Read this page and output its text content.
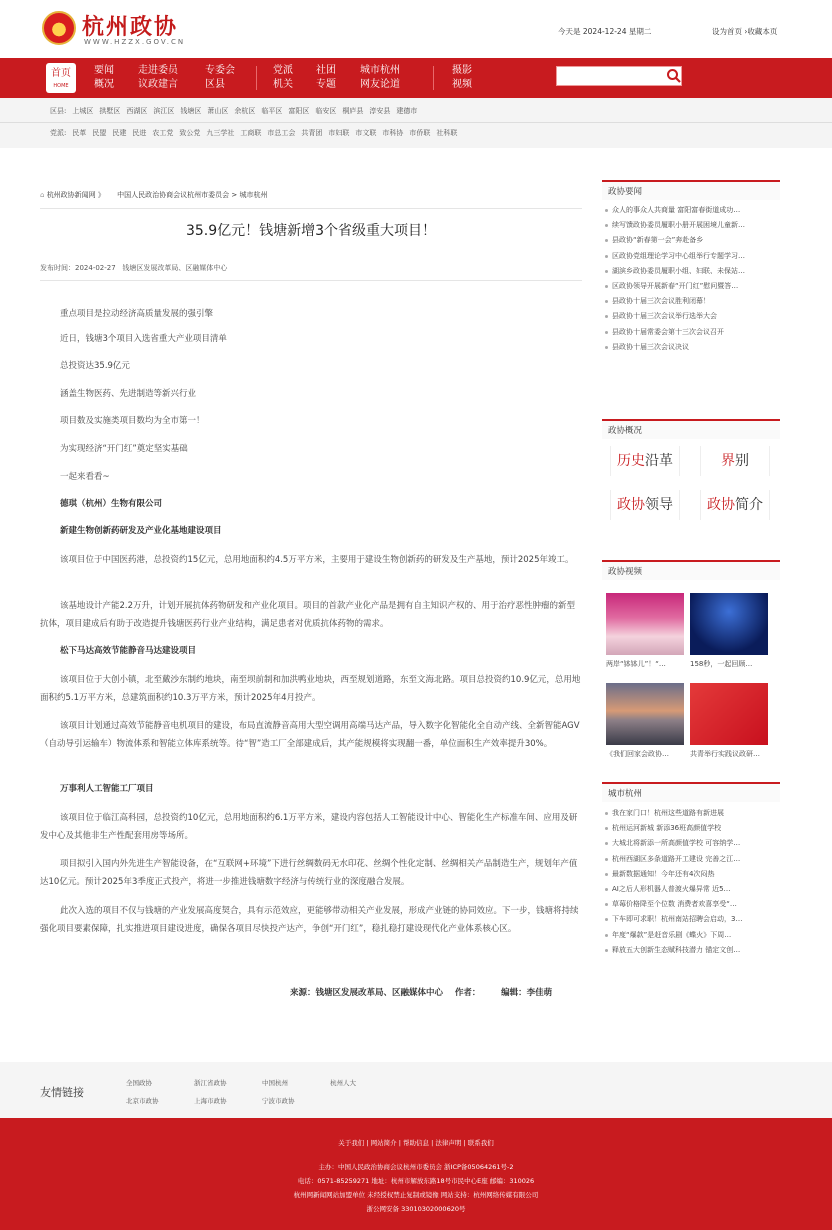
杭州政协
WWW.HZZX.GOV.CN
今天是 2024-12-24 星期二	设为首页 ›收藏本页
首页
HOME
要闻
概况
走进委员
议政建言
专委会
区县
党派
机关
社团
专题
城市杭州
网友论道
摄影
视频
区县: 上城区 拱墅区 西湖区 滨江区 钱塘区 萧山区 余杭区 临平区 富阳区 临安区 桐庐县 淳安县 建德市
党派: 民革 民盟 民建 民进 农工党 致公党 九三学社 工商联 市总工会 共青团 市妇联 市文联 市科协 市侨联 社科联
⌂ 杭州政协新闻网 》 中国人民政治协商会议杭州市委员会 > 城市杭州
35.9亿元！钱塘新增3个省级重大项目！
发布时间：2024-02-27 钱塘区发展改革局、区融媒体中心
重点项目是拉动经济高质量发展的强引擎
近日，钱塘3个项目入选省重大产业项目清单
总投资达35.9亿元
涵盖生物医药、先进制造等新兴行业
项目数及实施类项目数均为全市第一！
为实现经济“开门红”奠定坚实基础
一起来看看~
德琪（杭州）生物有限公司
新建生物创新药研发及产业化基地建设项目
该项目位于中国医药港，总投资约15亿元，总用地面积约4.5万平方米，主要用于建设生物创新药的研发及生产基地，预计2025年竣工。
该基地设计产能2.2万升，计划开展抗体药物研发和产业化项目。项目的首款产业化产品是拥有自主知识产权的、用于治疗恶性肿瘤的新型抗体，项目建成后有助于改造提升钱塘医药行业产业结构，满足患者对优质抗体药物的需求。
松下马达高效节能静音马达建设项目
该项目位于大创小镇，北至戴沙东制约地块，南至坝前制和加洪鸭业地块，西至规划道路，东至文海北路。项目总投资约10.9亿元，总用地面积约5.1万平方米，总建筑面积约10.3万平方米，预计2025年4月投产。
该项目计划通过高效节能静音电机项目的建设，布局直流静音高用大型空调用高端马达产品，导入数字化智能化全自动产线、全新智能AGV（自动导引运输车）物流体系和智能立体库系统等。待“智”造工厂全部建成后，其产能规模将实现翻一番，单位面积生产效率提升30%。
万事利人工智能工厂项目
该项目位于临江高科园，总投资约10亿元，总用地面积约6.1万平方米，建设内容包括人工智能设计中心、智能化生产标准车间、应用及研发中心及其他非生产性配套用房等场所。
项目拟引入国内外先进生产智能设备，在“互联网+环境”下进行丝绸数码无水印花、丝绸个性化定制、丝绸相关产品制造生产，规划年产值达10亿元。预计2025年3季度正式投产，将进一步推进钱塘数字经济与传统行业的深度融合发展。
此次入选的项目不仅与钱塘的产业发展高度契合，具有示范效应，更能够带动相关产业发展，形成产业链的协同效应。下一步，钱塘将持续强化项目要素保障，扎实推进项目建设进度，确保各项目尽快投产达产，争创“开门红”，稳扎稳打建设现代化产业体系核心区。
来源：钱塘区发展改革局、区融媒体中心 作者： 编辑：李佳萌
政协要闻
众人的事众人共商量 富阳富春街道成功…
续写馈政协委员履职小册开展困境儿童新…
县政协“新春第一会”奔赴备乡
区政协党组理论学习中心组举行专题学习…
湖滨乡政协委员履职小组、妇联、未保站…
区政协领导开展新春“开门红”慰问暨答…
县政协十届三次会议胜利闭幕！
县政协十届三次会议举行选举大会
县政协十届常委会第十三次会议召开
县政协十届三次会议决议
政协概况
历史沿革	界别
政协领导	政协简介
政协视频
两岸“钵钵儿”！“…	158秒，一起回顾…
《我们回家会政协…	共青举行实践议政研…
城市杭州
我在家门口！杭州这些道路有新进展
杭州运河新城 新添36班高颜值学校
大城北将新添一所高颜值学校 可容纳学…
杭州西湖区多条道路开工建设 完善之江…
最新数据通知！今年还有4次闷热
AI之后人形机器人普渡火爆异常 近5…
草莓价格降至个位数 消费者欢喜享受“…
下车即可求职！杭州南站招聘会启动，3…
年度“爆款”是赶音乐剧《蝶火》下周…
释放五大创新生态赋科技潜力 锚定文创…
友情链接
全国政协	浙江省政协	中国杭州	杭州人大
北京市政协	上海市政协	宁波市政协
关于我们 | 网站简介 | 帮助信息 | 法律声明 | 联系我们
主办：中国人民政治协商会议杭州市委员会 浙ICP备05064261号-2
电话：0571-85259271 地址：杭州市解放东路18号市民中心E座 邮编：310026
杭州网新闻网站加盟单位 未经授权禁止复制或镜像 网站支持：杭州网络传媒有限公司
浙公网安备 33010302000620号
